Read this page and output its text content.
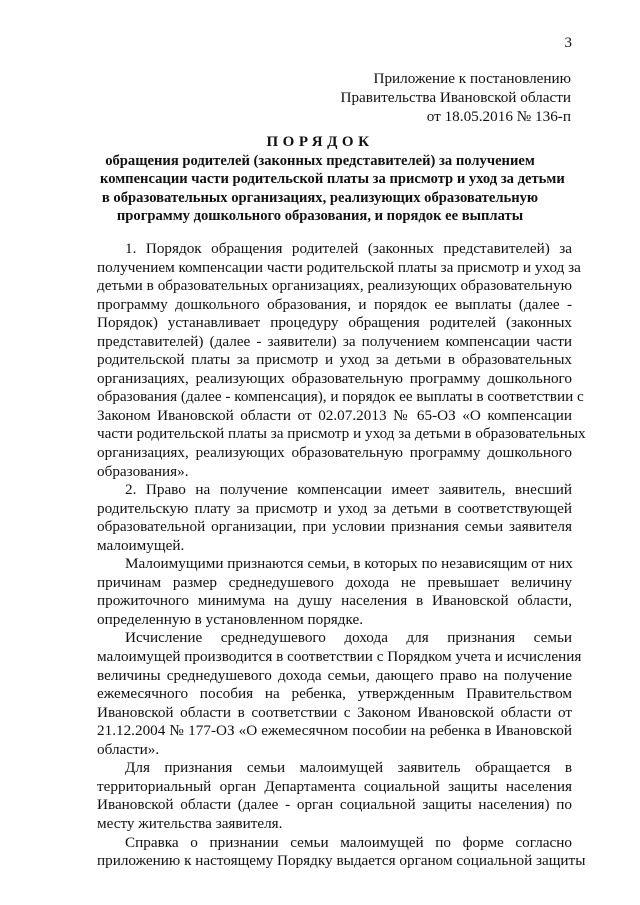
3
Приложение к постановлению
Правительства Ивановской области
от 18.05.2016 № 136-п
ПОРЯДОК
обращения родителей (законных представителей) за получением
компенсации части родительской платы за присмотр и уход за детьми
в образовательных организациях, реализующих образовательную
программу дошкольного образования, и порядок ее выплаты

1. Порядок обращения родителей (законных представителей) за
получением компенсации части родительской платы за присмотр и уход за
детьми в образовательных организациях, реализующих образовательную
программу дошкольного образования, и порядок ее выплаты (далее -
Порядок) устанавливает процедуру обращения родителей (законных
представителей) (далее - заявители) за получением компенсации части
родительской платы за присмотр и уход за детьми в образовательных
организациях, реализующих образовательную программу дошкольного
образования (далее - компенсация), и порядок ее выплаты в соответствии с
Законом Ивановской области от 02.07.2013 № 65-ОЗ «О компенсации
части родительской платы за присмотр и уход за детьми в образовательных
организациях, реализующих образовательную программу дошкольного
образования».

2. Право на получение компенсации имеет заявитель, внесший
родительскую плату за присмотр и уход за детьми в соответствующей
образовательной организации, при условии признания семьи заявителя
малоимущей.

Малоимущими признаются семьи, в которых по независящим от них
причинам размер среднедушевого дохода не превышает величину
прожиточного минимума на душу населения в Ивановской области,
определенную в установленном порядке.

Исчисление среднедушевого дохода для признания семьи
малоимущей производится в соответствии с Порядком учета и исчисления
величины среднедушевого дохода семьи, дающего право на получение
ежемесячного пособия на ребенка, утвержденным Правительством
Ивановской области в соответствии с Законом Ивановской области от
21.12.2004 № 177-ОЗ «О ежемесячном пособии на ребенка в Ивановской
области».

Для признания семьи малоимущей заявитель обращается в
территориальный орган Департамента социальной защиты населения
Ивановской области (далее - орган социальной защиты населения) по
месту жительства заявителя.

Справка о признании семьи малоимущей по форме согласно
приложению к настоящему Порядку выдается органом социальной защиты
